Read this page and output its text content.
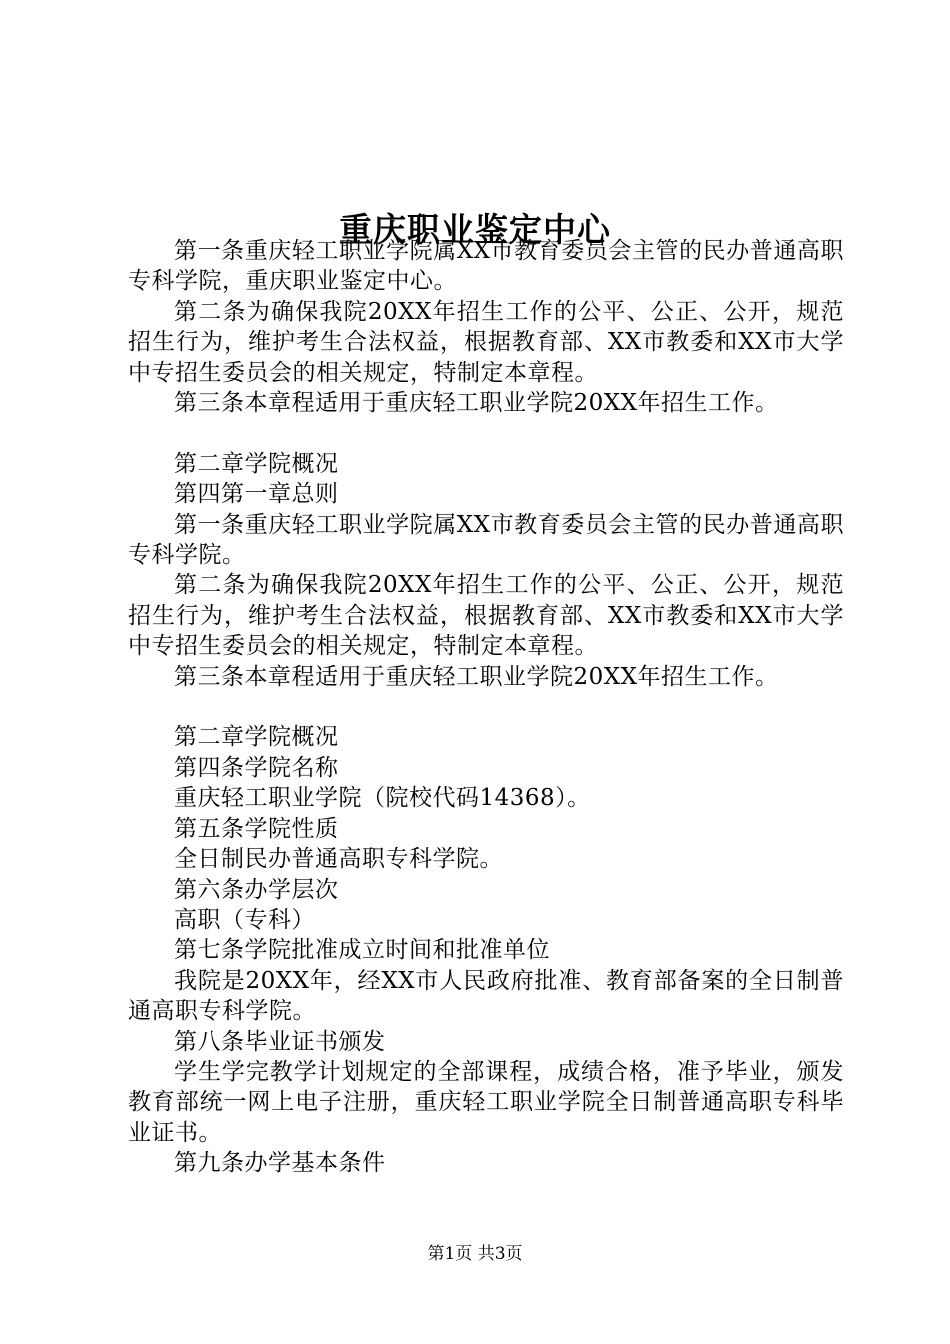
重庆职业鉴定中心

第一条重庆轻工职业学院属XX市教育委员会主管的民办普通高职专科学院，重庆职业鉴定中心。

第二条为确保我院20XX年招生工作的公平、公正、公开，规范招生行为，维护考生合法权益，根据教育部、XX市教委和XX市大学中专招生委员会的相关规定，特制定本章程。

第三条本章程适用于重庆轻工职业学院20XX年招生工作。

第二章学院概况

第四第一章总则

第一条重庆轻工职业学院属XX市教育委员会主管的民办普通高职专科学院。

第二条为确保我院20XX年招生工作的公平、公正、公开，规范招生行为，维护考生合法权益，根据教育部、XX市教委和XX市大学中专招生委员会的相关规定，特制定本章程。

第三条本章程适用于重庆轻工职业学院20XX年招生工作。

第二章学院概况

第四条学院名称

重庆轻工职业学院（院校代码14368）。

第五条学院性质

全日制民办普通高职专科学院。

第六条办学层次

高职（专科）

第七条学院批准成立时间和批准单位

我院是20XX年，经XX市人民政府批准、教育部备案的全日制普通高职专科学院。

第八条毕业证书颁发

学生学完教学计划规定的全部课程，成绩合格，准予毕业，颁发教育部统一网上电子注册，重庆轻工职业学院全日制普通高职专科毕业证书。

第九条办学基本条件

第1页 共3页
